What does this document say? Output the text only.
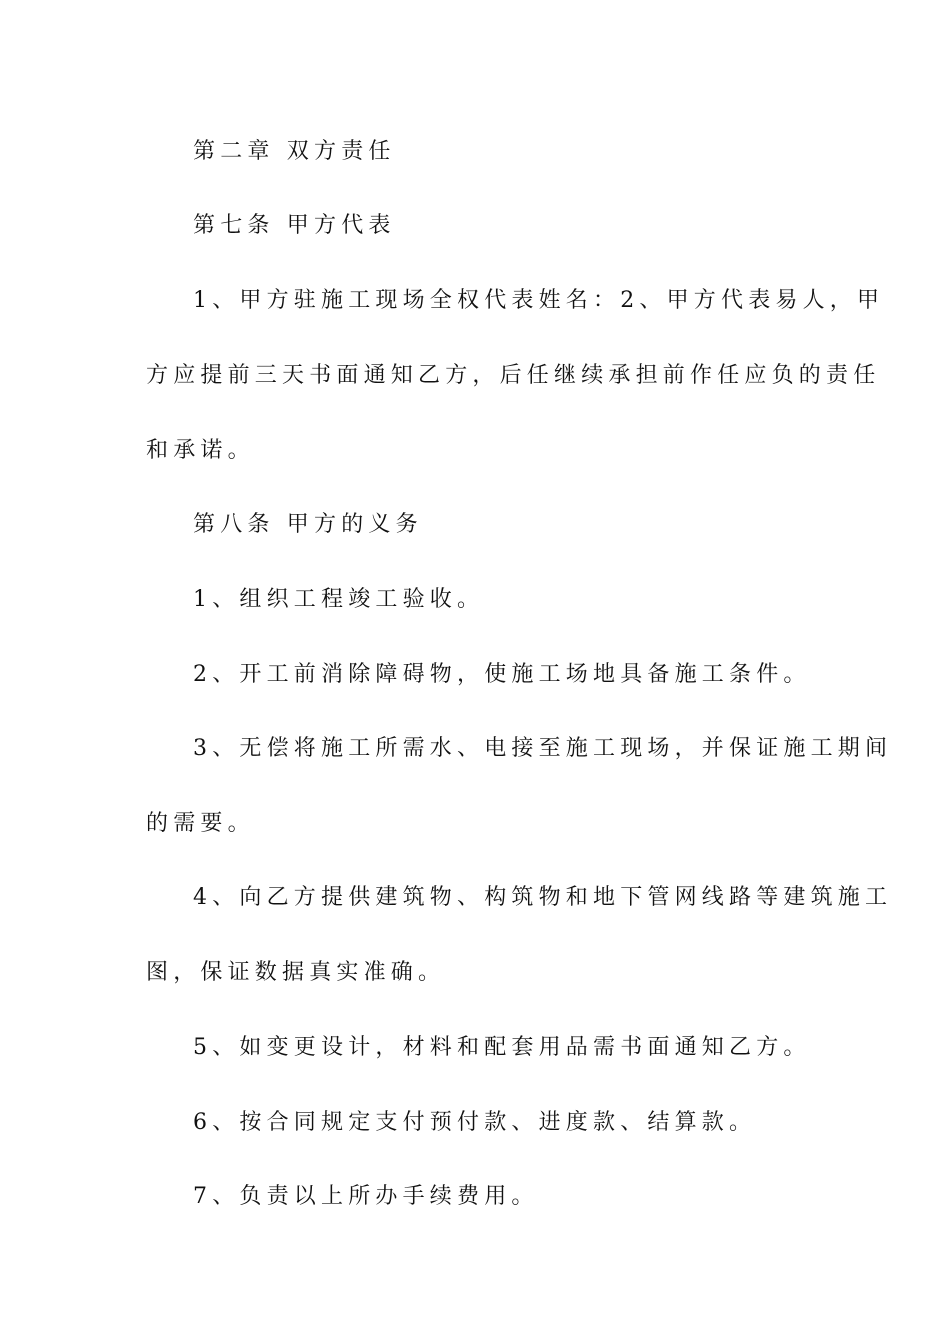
第二章 双方责任
第七条 甲方代表
1、甲方驻施工现场全权代表姓名：2、甲方代表易人，甲
方应提前三天书面通知乙方，后任继续承担前作任应负的责任
和承诺。
第八条 甲方的义务
1、组织工程竣工验收。
2、开工前消除障碍物，使施工场地具备施工条件。
3、无偿将施工所需水、电接至施工现场，并保证施工期间
的需要。
4、向乙方提供建筑物、构筑物和地下管网线路等建筑施工
图，保证数据真实准确。
5、如变更设计，材料和配套用品需书面通知乙方。
6、按合同规定支付预付款、进度款、结算款。
7、负责以上所办手续费用。
